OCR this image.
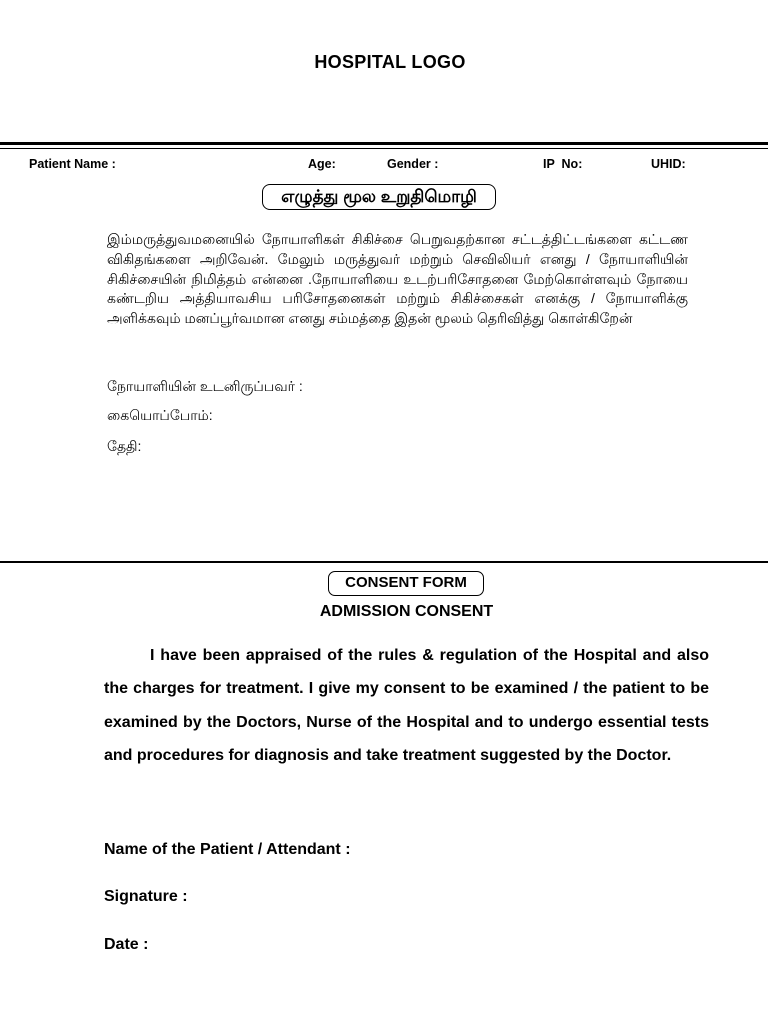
HOSPITAL LOGO
Patient Name :	Age:	Gender :	IP  No:	UHID:
எழுத்து மூல உறுதிமொழி
இம்மருத்துவமனையில் நோயாளிகள் சிகிச்சை பெறுவதற்கான சட்டத்திட்டங்களை கட்டண விகிதங்களை அறிவேன். மேலும் மருத்துவர் மற்றும் செவிலியர் எனது / நோயாளியின் சிகிச்சையின் நிமித்தம் என்னை .நோயாளியை உடற்பரிசோதனை மேற்கொள்ளவும் நோயை கண்டறிய அத்தியாவசிய பரிசோதனைகள் மற்றும் சிகிச்சைகள் எனக்கு / நோயாளிக்கு அளிக்கவும் மனப்பூர்வமான எனது சம்மத்தை இதன் மூலம் தெரிவித்து கொள்கிறேன்
நோயாளியின் உடனிருப்பவர் :
கையொப்போம்:
தேதி:
CONSENT FORM
ADMISSION CONSENT
I have been appraised of the rules & regulation of the Hospital and also the charges for treatment. I give my consent to be examined / the patient to be examined by the Doctors, Nurse of the Hospital and to undergo essential tests and procedures for diagnosis and take treatment suggested by the Doctor.
Name of the Patient / Attendant :
Signature :
Date :
